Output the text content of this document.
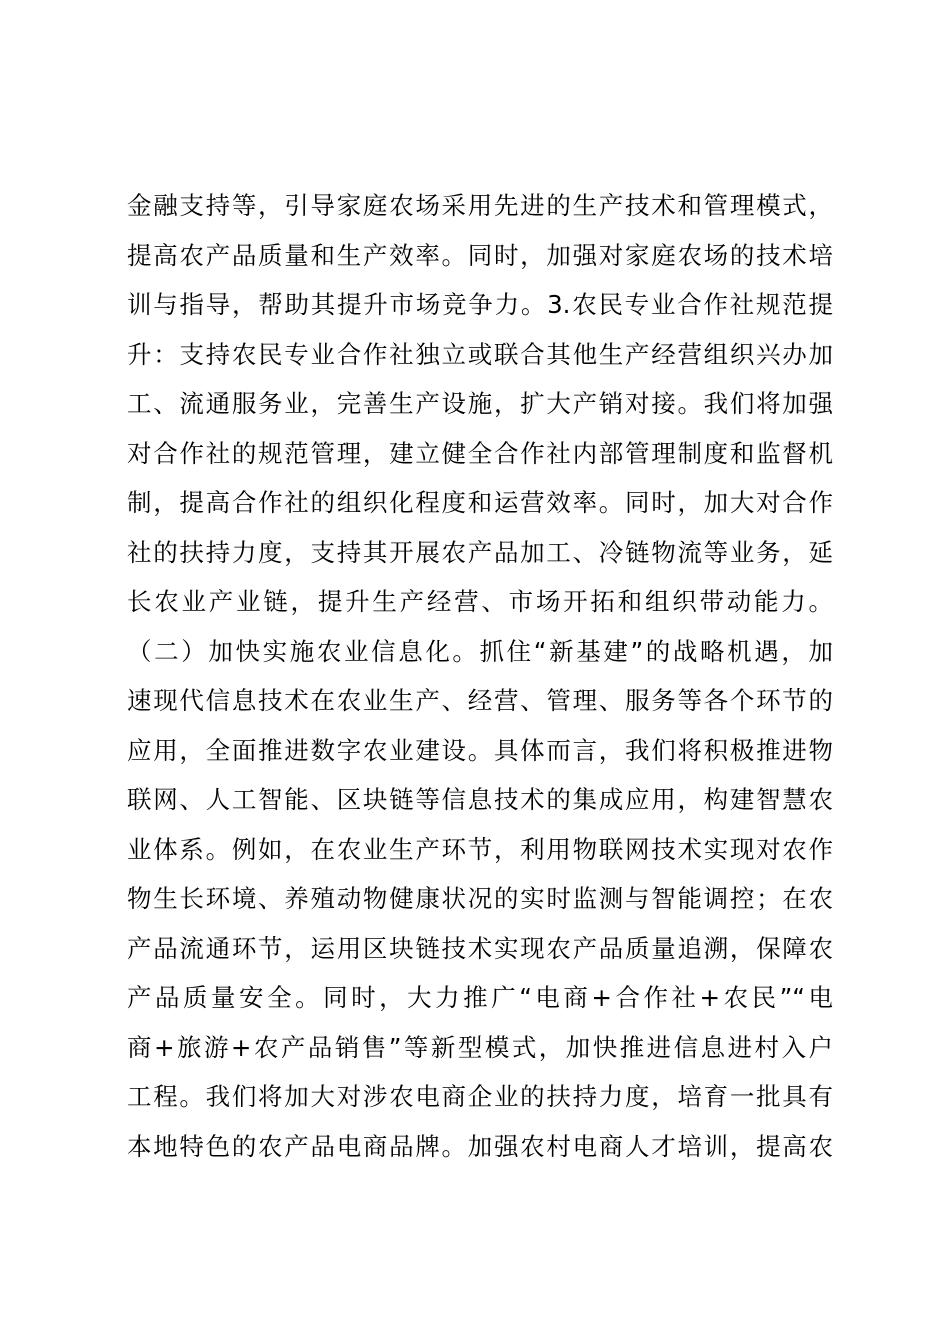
金融支持等，引导家庭农场采用先进的生产技术和管理模式，
提高农产品质量和生产效率。同时，加强对家庭农场的技术培
训与指导，帮助其提升市场竞争力。3.农民专业合作社规范提
升：支持农民专业合作社独立或联合其他生产经营组织兴办加
工、流通服务业，完善生产设施，扩大产销对接。我们将加强
对合作社的规范管理，建立健全合作社内部管理制度和监督机
制，提高合作社的组织化程度和运营效率。同时，加大对合作
社的扶持力度，支持其开展农产品加工、冷链物流等业务，延
长农业产业链，提升生产经营、市场开拓和组织带动能力。
（二）加快实施农业信息化。抓住“新基建”的战略机遇，加
速现代信息技术在农业生产、经营、管理、服务等各个环节的
应用，全面推进数字农业建设。具体而言，我们将积极推进物
联网、人工智能、区块链等信息技术的集成应用，构建智慧农
业体系。例如，在农业生产环节，利用物联网技术实现对农作
物生长环境、养殖动物健康状况的实时监测与智能调控；在农
产品流通环节，运用区块链技术实现农产品质量追溯，保障农
产品质量安全。同时，大力推广“电商+合作社+农民”“电
商+旅游+农产品销售”等新型模式，加快推进信息进村入户
工程。我们将加大对涉农电商企业的扶持力度，培育一批具有
本地特色的农产品电商品牌。加强农村电商人才培训，提高农
